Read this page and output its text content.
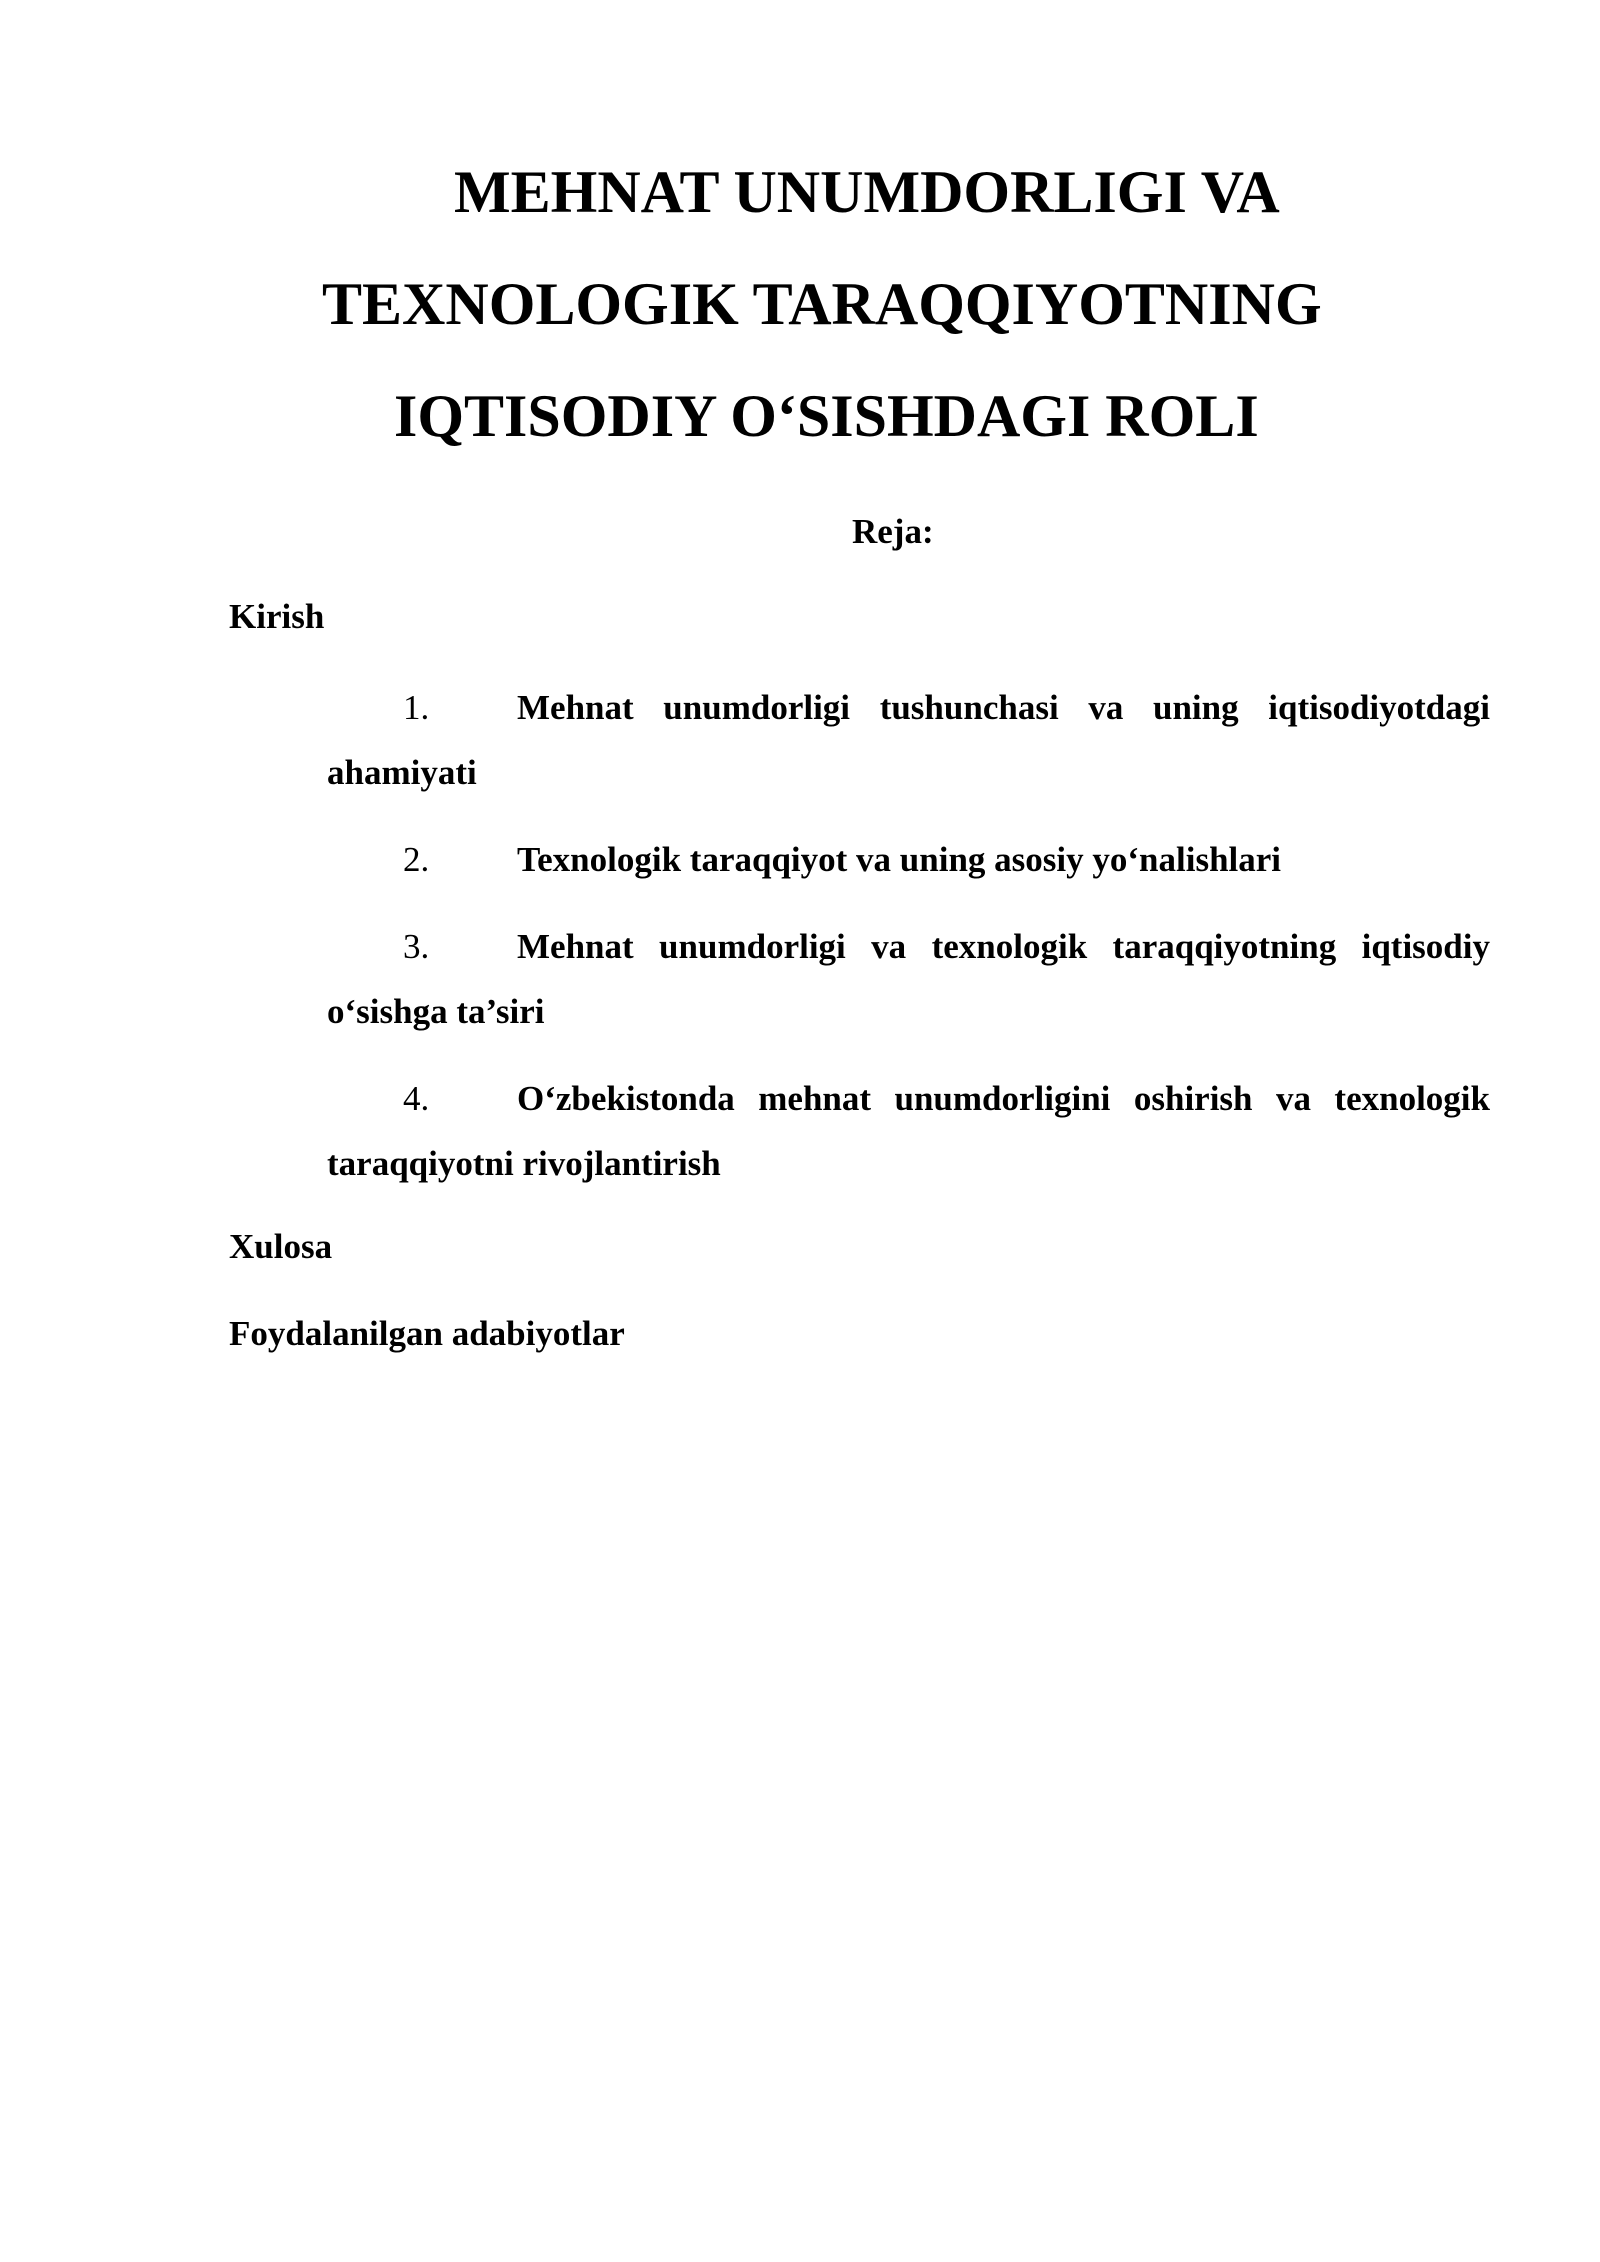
MEHNAT UNUMDORLIGI VA
TEXNOLOGIK TARAQQIYOTNING
IQTISODIY O‘SISHDAGI ROLI
Reja:
Kirish
1.	Mehnat unumdorligi tushunchasi va uning iqtisodiyotdagi
ahamiyati
2.	Texnologik taraqqiyot va uning asosiy yo‘nalishlari
3.	Mehnat unumdorligi va texnologik taraqqiyotning iqtisodiy
o‘sishga ta’siri
4.	O‘zbekistonda mehnat unumdorligini oshirish va texnologik
taraqqiyotni rivojlantirish
Xulosa
Foydalanilgan adabiyotlar
